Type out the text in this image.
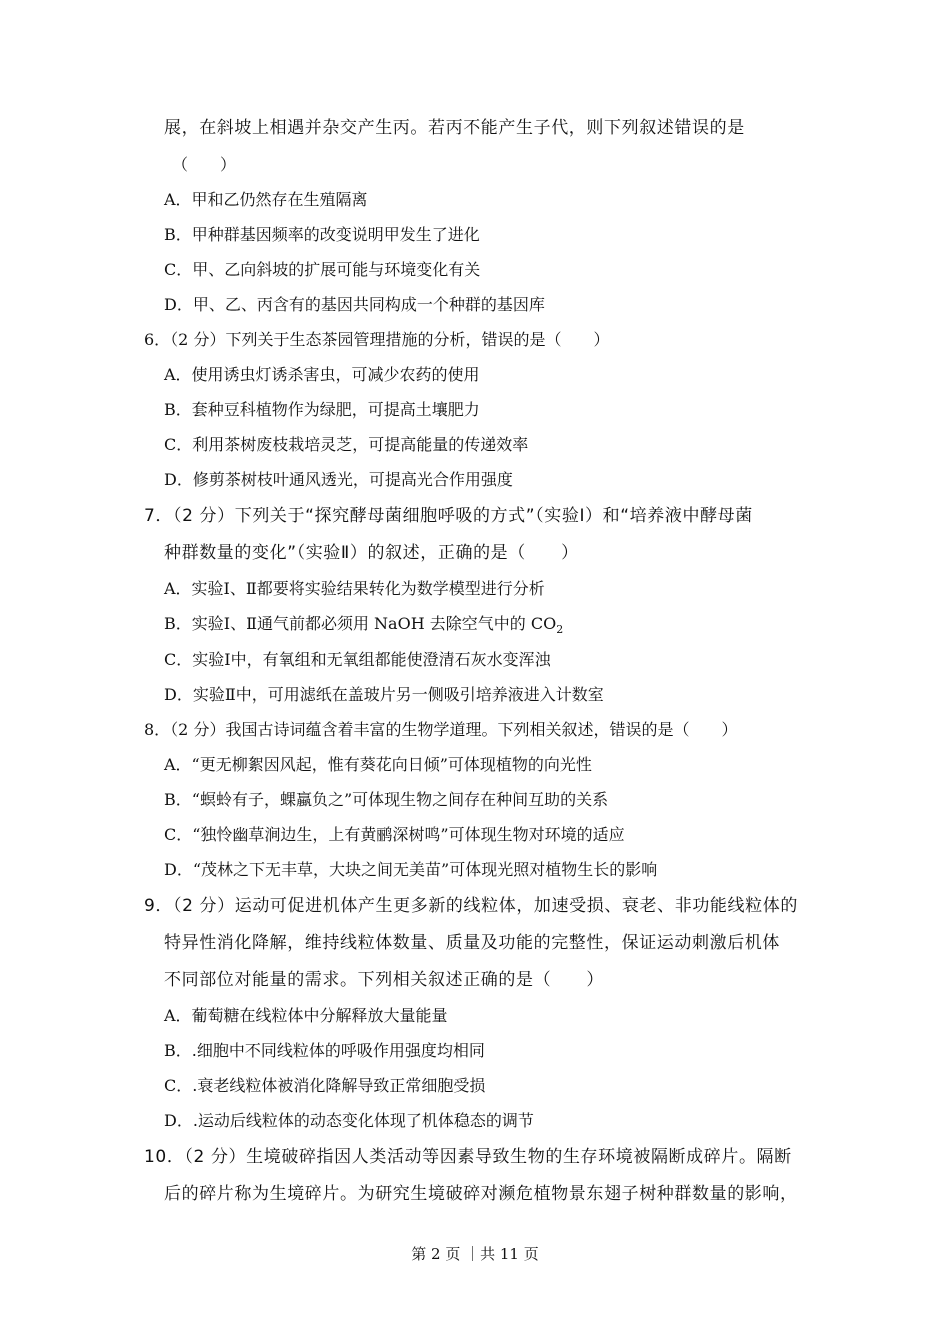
展，在斜坡上相遇并杂交产生丙。若丙不能产生子代，则下列叙述错误的是
（　　）
A．甲和乙仍然存在生殖隔离
B．甲种群基因频率的改变说明甲发生了进化
C．甲、乙向斜坡的扩展可能与环境变化有关
D．甲、乙、丙含有的基因共同构成一个种群的基因库
6．（2 分）下列关于生态茶园管理措施的分析，错误的是（　　）
A．使用诱虫灯诱杀害虫，可减少农药的使用
B．套种豆科植物作为绿肥，可提高土壤肥力
C．利用茶树废枝栽培灵芝，可提高能量的传递效率
D．修剪茶树枝叶通风透光，可提高光合作用强度
7．（2 分）下列关于“探究酵母菌细胞呼吸的方式”（实验Ⅰ）和“培养液中酵母菌
种群数量的变化”（实验Ⅱ）的叙述，正确的是（　　）
A．实验Ⅰ、Ⅱ都要将实验结果转化为数学模型进行分析
B．实验Ⅰ、Ⅱ通气前都必须用 NaOH 去除空气中的 $CO_2$
C．实验Ⅰ中，有氧组和无氧组都能使澄清石灰水变浑浊
D．实验Ⅱ中，可用滤纸在盖玻片另一侧吸引培养液进入计数室
8．（2 分）我国古诗词蕴含着丰富的生物学道理。下列相关叙述，错误的是（　　）
A．“更无柳絮因风起，惟有葵花向日倾”可体现植物的向光性
B．“螟蛉有子，蜾蠃负之”可体现生物之间存在种间互助的关系
C．“独怜幽草涧边生，上有黄鹂深树鸣”可体现生物对环境的适应
D．“茂林之下无丰草，大块之间无美苗”可体现光照对植物生长的影响
9．（2 分）运动可促进机体产生更多新的线粒体，加速受损、衰老、非功能线粒体的
特异性消化降解，维持线粒体数量、质量及功能的完整性，保证运动刺激后机体
不同部位对能量的需求。下列相关叙述正确的是（　　）
A．葡萄糖在线粒体中分解释放大量能量
B．.细胞中不同线粒体的呼吸作用强度均相同
C．.衰老线粒体被消化降解导致正常细胞受损
D．.运动后线粒体的动态变化体现了机体稳态的调节
10．（2 分）生境破碎指因人类活动等因素导致生物的生存环境被隔断成碎片。隔断
后的碎片称为生境碎片。为研究生境破碎对濒危植物景东翅子树种群数量的影响，
第 2 页 ｜共 11 页
